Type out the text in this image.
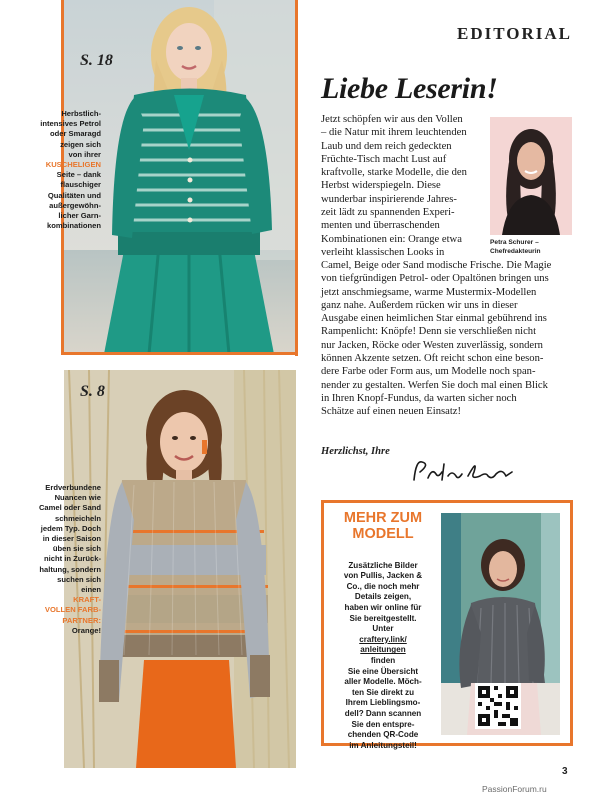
EDITORIAL
Liebe Leserin!
S. 18
Herbstlich-
intensives Petrol
oder Smaragd
zeigen sich
von ihrer
KUSCHELIGEN
Seite – dank
flauschiger
Qualitäten und
außergewöhn-
licher Garn-
kombinationen
S. 8
Erdverbundene
Nuancen wie
Camel oder Sand
schmeicheln
jedem Typ. Doch
in dieser Saison
üben sie sich
nicht in Zurück-
haltung, sondern
suchen sich
einen
KRAFT-
VOLLEN FARB-
PARTNER:
Orange!
Petra Schurer –
Chefredakteurin
Jetzt schöpfen wir aus den Vollen
– die Natur mit ihrem leuchtenden
Laub und dem reich gedeckten
Früchte-Tisch macht Lust auf
kraftvolle, starke Modelle, die den
Herbst widerspiegeln. Diese
wunderbar inspirierende Jahres-
zeit lädt zu spannenden Experi-
menten und überraschenden
Kombinationen ein: Orange etwa
verleiht klassischen Looks in
Camel, Beige oder Sand modische Frische. Die Magie
von tiefgründigen Petrol- oder Opaltönen bringen uns
jetzt anschmiegsame, warme Mustermix-Modellen
ganz nahe. Außerdem rücken wir uns in dieser
Ausgabe einen heimlichen Star einmal gebührend ins
Rampenlicht: Knöpfe! Denn sie verschließen nicht
nur Jacken, Röcke oder Westen zuverlässig, sondern
können Akzente setzen. Oft reicht schon eine beson-
dere Farbe oder Form aus, um Modelle noch span-
nender zu gestalten. Werfen Sie doch mal einen Blick
in Ihren Knopf-Fundus, da warten sicher noch
Schätze auf einen neuen Einsatz!
Herzlichst, Ihre
MEHR ZUM
MODELL

Zusätzliche Bilder
von Pullis, Jacken &
Co., die noch mehr
Details zeigen,
haben wir online für
Sie bereitgestellt.
Unter
craftery.link/
anleitungen
finden
Sie eine Übersicht
aller Modelle. Möch-
ten Sie direkt zu
Ihrem Lieblingsmo-
dell? Dann scannen
Sie den entspre-
chenden QR-Code
im Anleitungsteil!

3
PassionForum.ru
